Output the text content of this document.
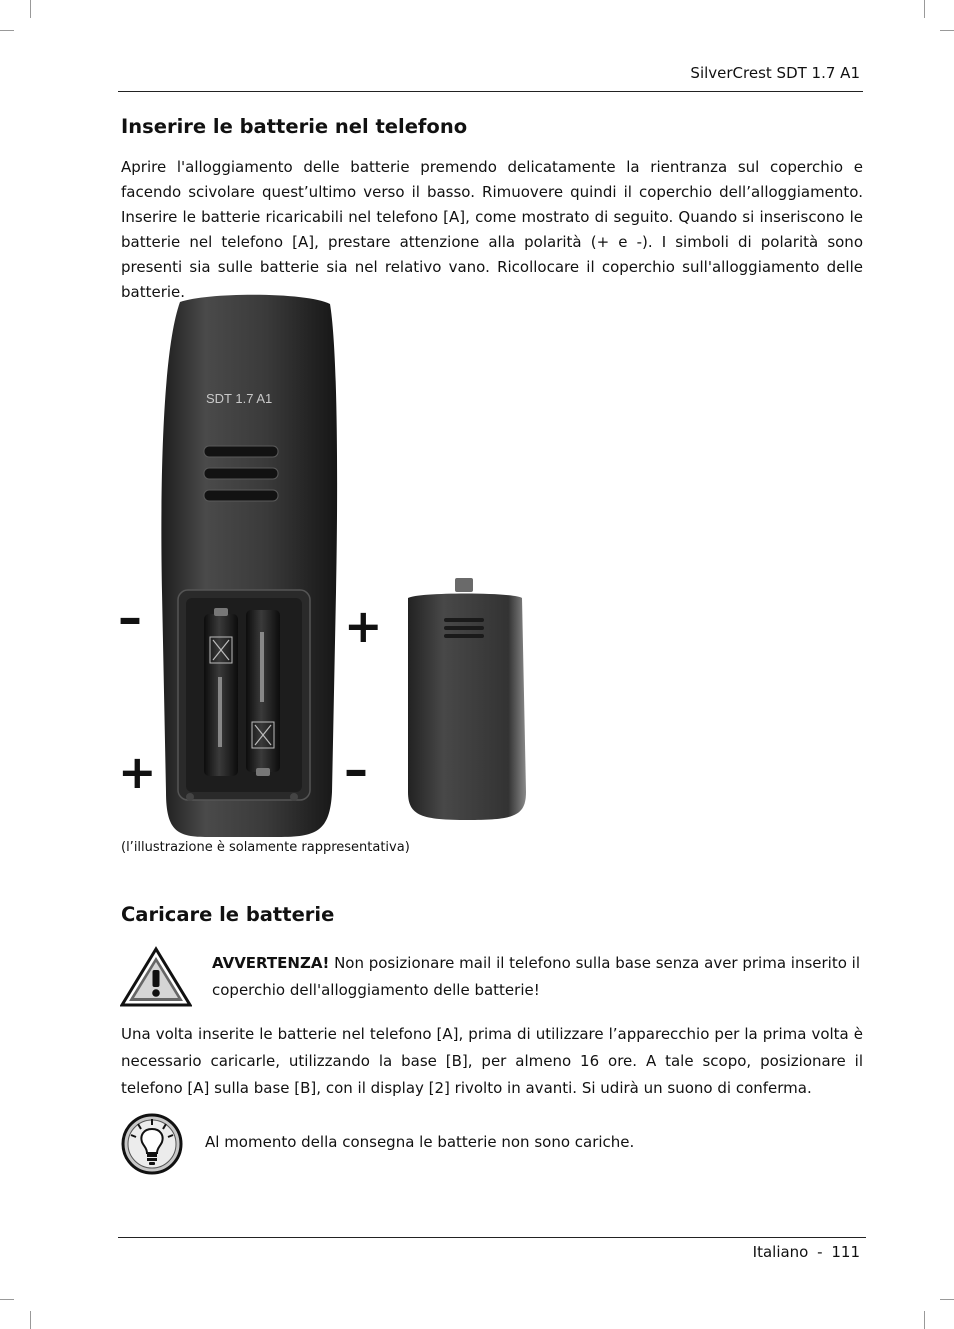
SilverCrest SDT 1.7 A1
Inserire le batterie nel telefono

Aprire l'alloggiamento delle batterie premendo delicatamente la rientranza sul coperchio e facendo scivolare quest’ultimo verso il basso. Rimuovere quindi il coperchio dell’alloggiamento. Inserire le batterie ricaricabili nel telefono [A], come mostrato di seguito. Quando si inseriscono le batterie nel telefono [A], prestare attenzione alla polarità (+ e -). I simboli di polarità sono presenti sia sulle batterie sia nel relativo vano. Ricollocare il coperchio sull'alloggiamento delle batterie.

SDT 1.7 A1
–
+
+
–
(l’illustrazione è solamente rappresentativa)
Caricare le batterie

AVVERTENZA! Non posizionare mail il telefono sulla base senza aver prima inserito il coperchio dell'alloggiamento delle batterie!

Una volta inserite le batterie nel telefono [A], prima di utilizzare l’apparecchio per la prima volta è necessario caricarle, utilizzando la base [B], per almeno 16 ore. A tale scopo, posizionare il telefono [A] sulla base [B], con il display [2] rivolto in avanti. Si udirà un suono di conferma.

Al momento della consegna le batterie non sono cariche.
Italiano - 111
